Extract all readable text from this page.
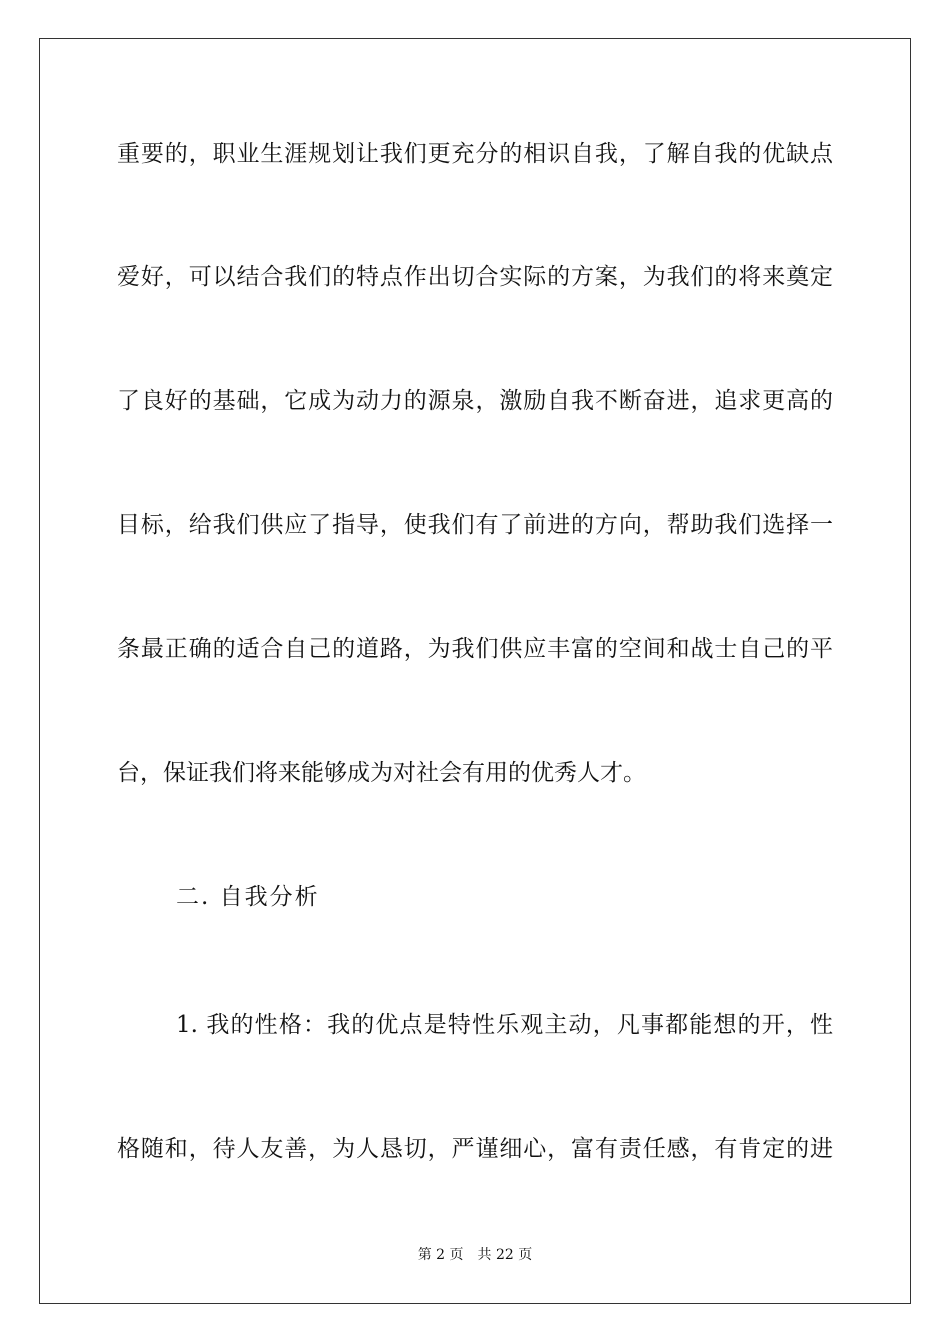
重要的，职业生涯规划让我们更充分的相识自我，了解自我的优缺点
爱好，可以结合我们的特点作出切合实际的方案，为我们的将来奠定
了良好的基础，它成为动力的源泉，激励自我不断奋进，追求更高的
目标，给我们供应了指导，使我们有了前进的方向，帮助我们选择一
条最正确的适合自己的道路，为我们供应丰富的空间和战士自己的平
台，保证我们将来能够成为对社会有用的优秀人才。
二. 自我分析
1. 我的性格：我的优点是特性乐观主动，凡事都能想的开，性
格随和，待人友善，为人恳切，严谨细心，富有责任感，有肯定的进
第 2 页 共 22 页
